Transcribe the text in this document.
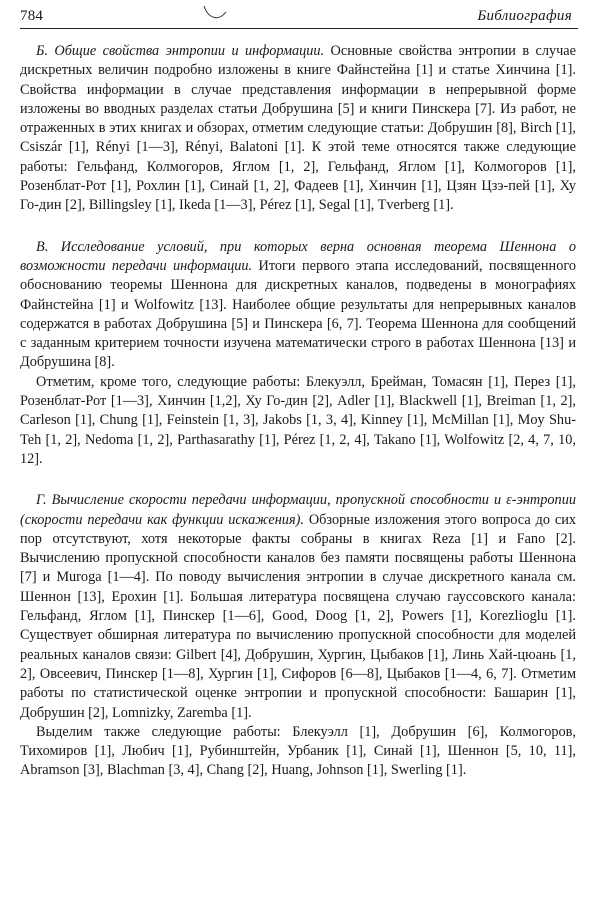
784	Библиография

Б. Общие свойства энтропии и информации. Основные свойства энтропии в случае дискретных величин подробно изложены в книге Файнстейна [1] и статье Хинчина [1]. Свойства информации в случае представления информации в непрерывной форме изложены во вводных разделах статьи Добрушина [5] и книги Пинскера [7]. Из работ, не отраженных в этих книгах и обзорах, отметим следующие статьи: Добрушин [8], Birch [1], Csiszár [1], Rényi [1—3], Rényi, Balatoni [1]. К этой теме относятся также следующие работы: Гельфанд, Колмогоров, Яглом [1, 2], Гельфанд, Яглом [1], Колмогоров [1], Розенблат-Рот [1], Рохлин [1], Синай [1, 2], Фадеев [1], Хинчин [1], Цзян Цзэ-пей [1], Ху Го-дин [2], Billingsley [1], Ikeda [1—3], Pérez [1], Segal [1], Tverberg [1].

В. Исследование условий, при которых верна основная теорема Шеннона о возможности передачи информации. Итоги первого этапа исследований, посвященного обоснованию теоремы Шеннона для дискретных каналов, подведены в монографиях Файнстейна [1] и Wolfowitz [13]. Наиболее общие результаты для непрерывных каналов содержатся в работах Добрушина [5] и Пинскера [6, 7]. Теорема Шеннона для сообщений с заданным критерием точности изучена математически строго в работах Шеннона [13] и Добрушина [8].

Отметим, кроме того, следующие работы: Блекуэлл, Брейман, Томасян [1], Перез [1], Розенблат-Рот [1—3], Хинчин [1,2], Ху Го-дин [2], Adler [1], Blackwell [1], Breiman [1, 2], Carleson [1], Chung [1], Feinstein [1, 3], Jakobs [1, 3, 4], Kinney [1], McMillan [1], Moy Shu-Teh [1, 2], Nedoma [1, 2], Parthasarathy [1], Pérez [1, 2, 4], Takano [1], Wolfowitz [2, 4, 7, 10, 12].

Г. Вычисление скорости передачи информации, пропускной способности и ε-энтропии (скорости передачи как функции искажения). Обзорные изложения этого вопроса до сих пор отсутствуют, хотя некоторые факты собраны в книгах Reza [1] и Fano [2]. Вычислению пропускной способности каналов без памяти посвящены работы Шеннона [7] и Muroga [1—4]. По поводу вычисления энтропии в случае дискретного канала см. Шеннон [13], Ерохин [1]. Большая литература посвящена случаю гауссовского канала: Гельфанд, Яглом [1], Пинскер [1—6], Good, Doog [1, 2], Powers [1], Korezlioglu [1]. Существует обширная литература по вычислению пропускной способности для моделей реальных каналов связи: Gilbert [4], Добрушин, Хургин, Цыбаков [1], Линь Хай-цюань [1, 2], Овсеевич, Пинскер [1—8], Хургин [1], Сифоров [6—8], Цыбаков [1—4, 6, 7]. Отметим работы по статистической оценке энтропии и пропускной способности: Башарин [1], Добрушин [2], Lomnizky, Zaremba [1].

Выделим также следующие работы: Блекуэлл [1], Добрушин [6], Колмогоров, Тихомиров [1], Любич [1], Рубинштейн, Урбаник [1], Синай [1], Шеннон [5, 10, 11], Abramson [3], Blachman [3, 4], Chang [2], Huang, Johnson [1], Swerling [1].
